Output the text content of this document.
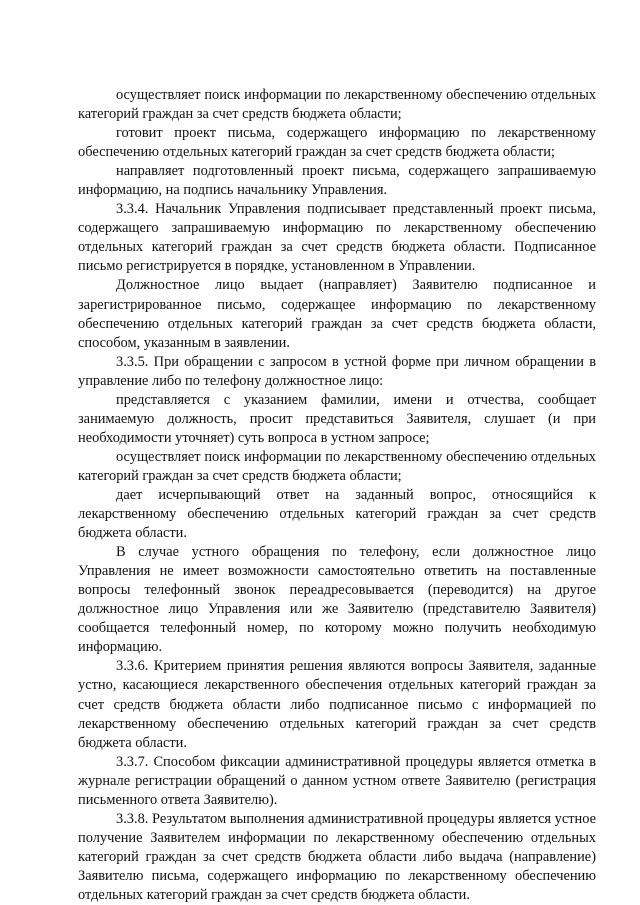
осуществляет поиск информации по лекарственному обеспечению отдельных категорий граждан за счет средств бюджета области;

готовит проект письма, содержащего информацию по лекарственному обеспечению отдельных категорий граждан за счет средств бюджета области;

направляет подготовленный проект письма, содержащего запрашиваемую информацию, на подпись начальнику Управления.

3.3.4. Начальник Управления подписывает представленный проект письма, содержащего запрашиваемую информацию по лекарственному обеспечению отдельных категорий граждан за счет средств бюджета области. Подписанное письмо регистрируется в порядке, установленном в Управлении.

Должностное лицо выдает (направляет) Заявителю подписанное и зарегистрированное письмо, содержащее информацию по лекарственному обеспечению отдельных категорий граждан за счет средств бюджета области, способом, указанным в заявлении.

3.3.5. При обращении с запросом в устной форме при личном обращении в управление либо по телефону должностное лицо:

представляется с указанием фамилии, имени и отчества, сообщает занимаемую должность, просит представиться Заявителя, слушает (и при необходимости уточняет) суть вопроса в устном запросе;

осуществляет поиск информации по лекарственному обеспечению отдельных категорий граждан за счет средств бюджета области;

дает исчерпывающий ответ на заданный вопрос, относящийся к лекарственному обеспечению отдельных категорий граждан за счет средств бюджета области.

В случае устного обращения по телефону, если должностное лицо Управления не имеет возможности самостоятельно ответить на поставленные вопросы телефонный звонок переадресовывается (переводится) на другое должностное лицо Управления или же Заявителю (представителю Заявителя) сообщается телефонный номер, по которому можно получить необходимую информацию.

3.3.6. Критерием принятия решения являются вопросы Заявителя, заданные устно, касающиеся лекарственного обеспечения отдельных категорий граждан за счет средств бюджета области либо подписанное письмо с информацией по лекарственному обеспечению отдельных категорий граждан за счет средств бюджета области.

3.3.7. Способом фиксации административной процедуры является отметка в журнале регистрации обращений о данном устном ответе Заявителю (регистрация письменного ответа Заявителю).

3.3.8. Результатом выполнения административной процедуры является устное получение Заявителем информации по лекарственному обеспечению отдельных категорий граждан за счет средств бюджета области либо выдача (направление) Заявителю письма, содержащего информацию по лекарственному обеспечению отдельных категорий граждан за счет средств бюджета области.
